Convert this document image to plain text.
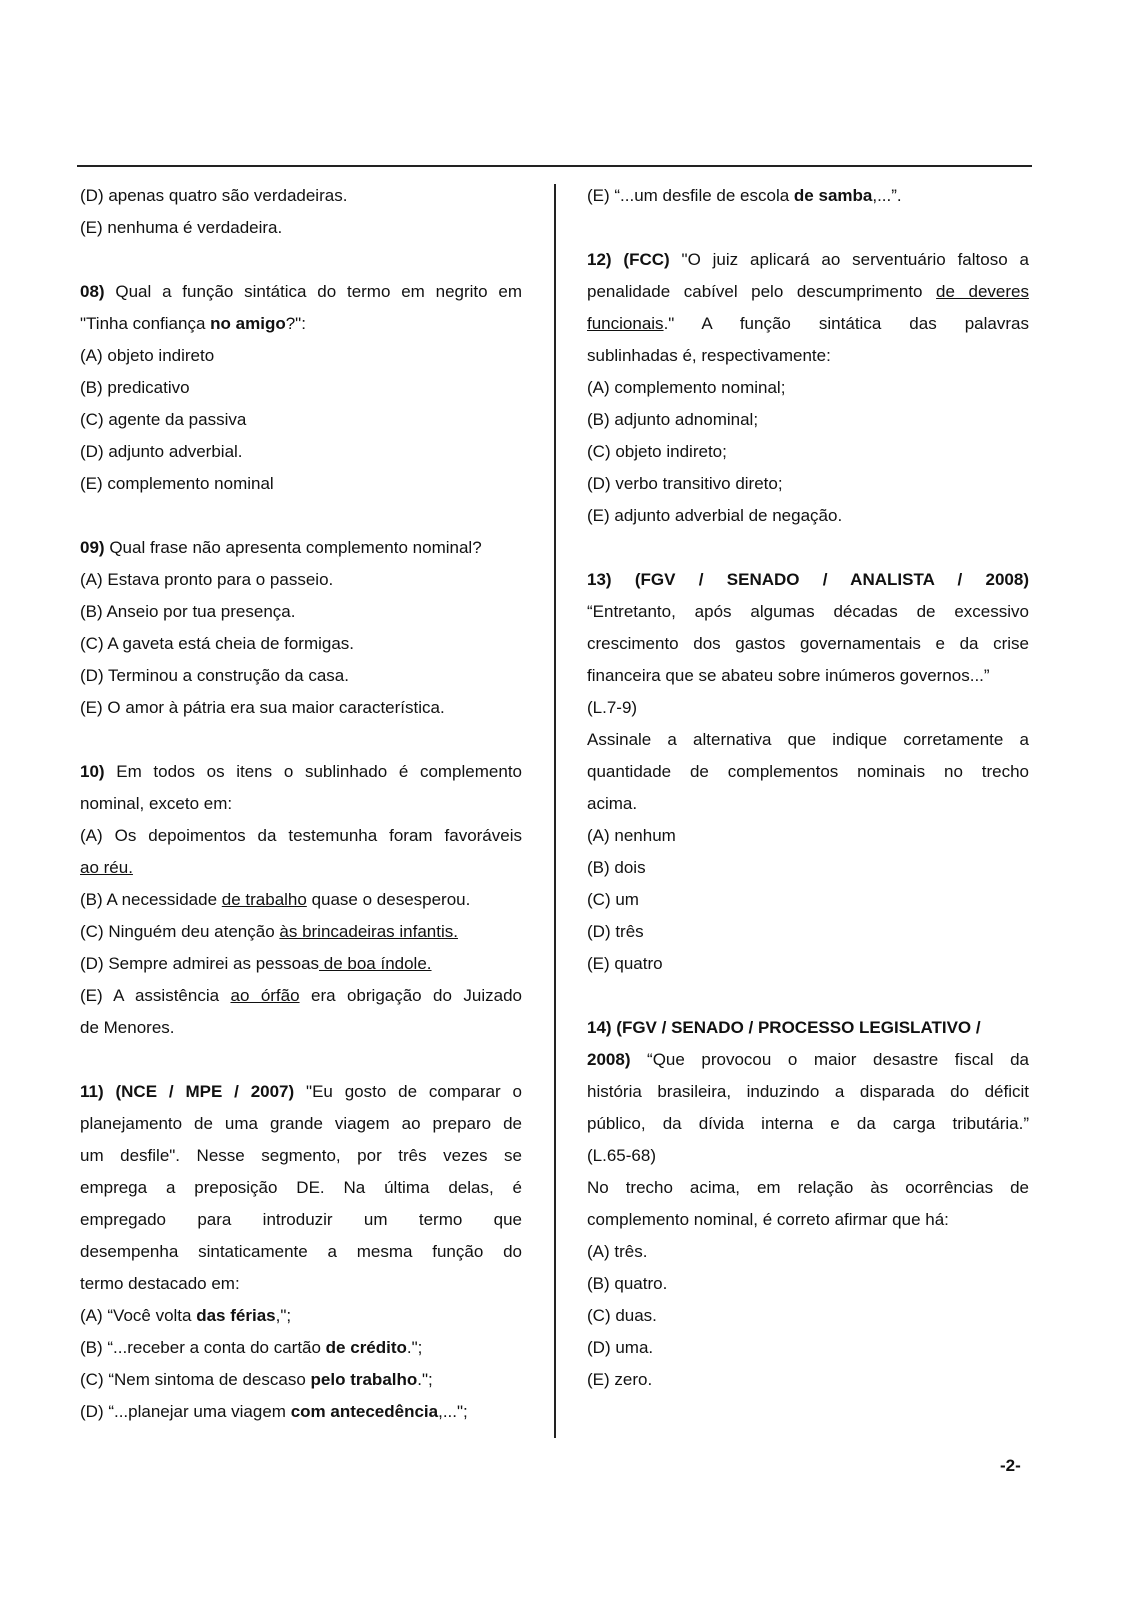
(D) apenas quatro são verdadeiras.
(E) nenhuma é verdadeira.
08) Qual a função sintática do termo em negrito em
"Tinha confiança no amigo?":
(A) objeto indireto
(B) predicativo
(C) agente da passiva
(D) adjunto adverbial.
(E) complemento nominal
09) Qual frase não apresenta complemento nominal?
(A) Estava pronto para o passeio.
(B) Anseio por tua presença.
(C) A gaveta está cheia de formigas.
(D) Terminou a construção da casa.
(E) O amor à pátria era sua maior característica.
10) Em todos os itens o sublinhado é complemento
nominal, exceto em:
(A) Os depoimentos da testemunha foram favoráveis
ao réu.
(B) A necessidade de trabalho quase o desesperou.
(C) Ninguém deu atenção às brincadeiras infantis.
(D) Sempre admirei as pessoas de boa índole.
(E) A assistência ao órfão era obrigação do Juizado
de Menores.
11) (NCE / MPE / 2007) "Eu gosto de comparar o
planejamento de uma grande viagem ao preparo de
um desfile". Nesse segmento, por três vezes se
emprega a preposição DE. Na última delas, é
empregado para introduzir um termo que
desempenha sintaticamente a mesma função do
termo destacado em:
(A) “Você volta das férias,";
(B) “...receber a conta do cartão de crédito.";
(C) “Nem sintoma de descaso pelo trabalho.";
(D) “...planejar uma viagem com antecedência,...";
(E) “...um desfile de escola de samba,...”.
12) (FCC) "O juiz aplicará ao serventuário faltoso a
penalidade cabível pelo descumprimento de deveres
funcionais." A função sintática das palavras
sublinhadas é, respectivamente:
(A) complemento nominal;
(B) adjunto adnominal;
(C) objeto indireto;
(D) verbo transitivo direto;
(E) adjunto adverbial de negação.
13) (FGV / SENADO / ANALISTA / 2008)
“Entretanto, após algumas décadas de excessivo
crescimento dos gastos governamentais e da crise
financeira que se abateu sobre inúmeros governos...”
(L.7-9)
Assinale a alternativa que indique corretamente a
quantidade de complementos nominais no trecho
acima.
(A) nenhum
(B) dois
(C) um
(D) três
(E) quatro
14) (FGV / SENADO / PROCESSO LEGISLATIVO /
2008) “Que provocou o maior desastre fiscal da
história brasileira, induzindo a disparada do déficit
público, da dívida interna e da carga tributária.”
(L.65-68)
No trecho acima, em relação às ocorrências de
complemento nominal, é correto afirmar que há:
(A) três.
(B) quatro.
(C) duas.
(D) uma.
(E) zero.
-2-
